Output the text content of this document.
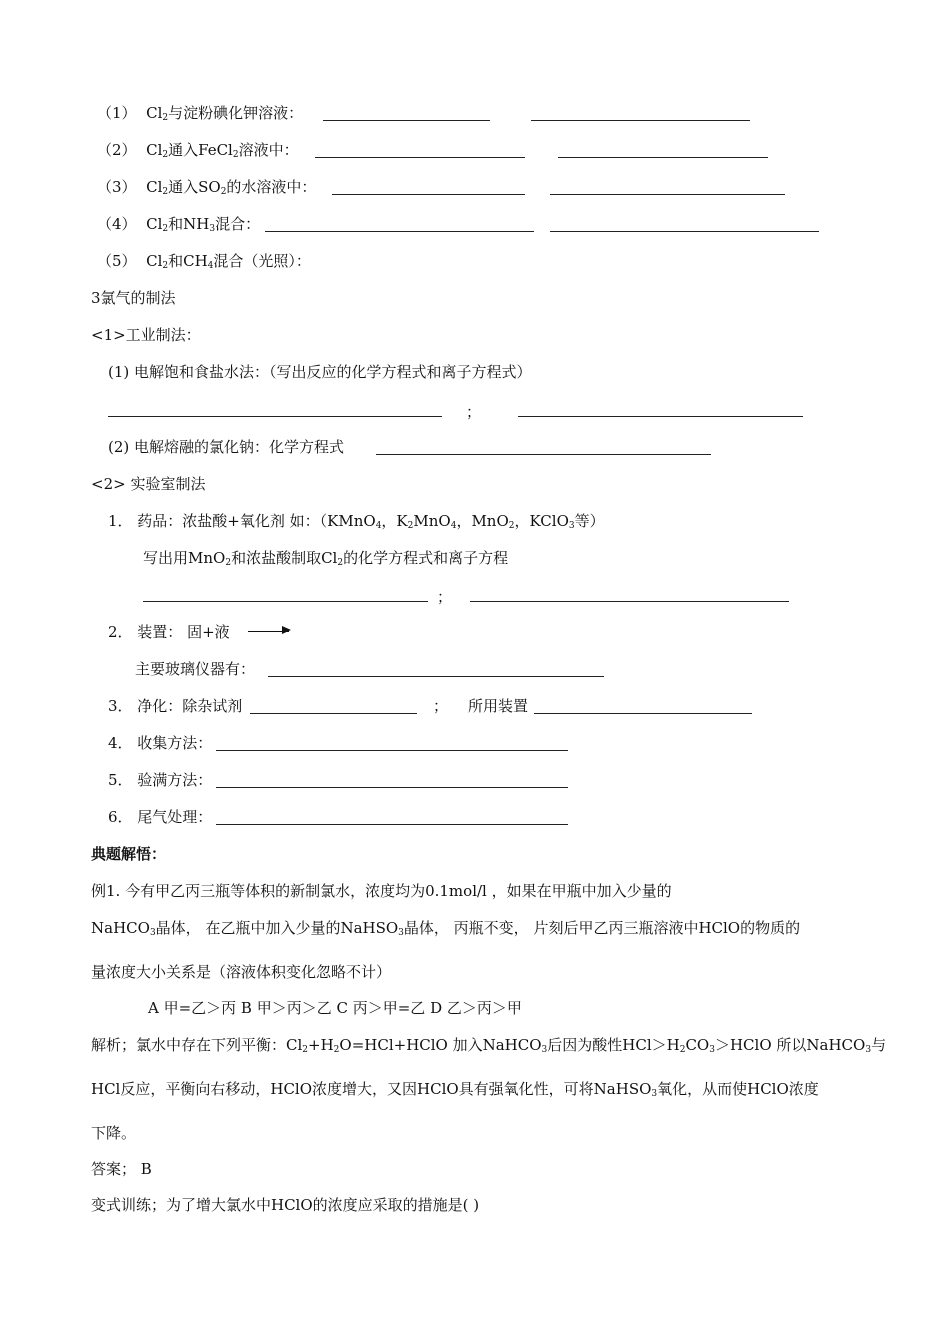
（1） $Cl_2$与淀粉碘化钾溶液：
（2） $Cl_2$通入FeCl$_2$溶液中：
（3） $Cl_2$通入$SO_2$的水溶液中：
（4） $Cl_2$和$NH_3$混合：
（5） $Cl_2$和$CH_4$混合（光照）：
3氯气的制法
<1>工业制法：
(1) 电解饱和食盐水法：（写出反应的化学方程式和离子方程式）
；
(2) 电解熔融的氯化钠：化学方程式
<2> 实验室制法
1． 药品：浓盐酸+氧化剂 如：（KMnO$_4$，$K_2MnO_4$，MnO$_2$，KClO$_3$等）
写出用MnO$_2$和浓盐酸制取$Cl_2$的化学方程式和离子方程
；
2． 装置： 固+液
主要玻璃仪器有：
3． 净化：除杂试剂	； 所用装置
4． 收集方法：
5． 验满方法：
6． 尾气处理：
典题解悟：
例1. 今有甲乙丙三瓶等体积的新制氯水，浓度均为0.1mol/l ，如果在甲瓶中加入少量的
NaHCO$_3$晶体， 在乙瓶中加入少量的NaHSO$_3$晶体， 丙瓶不变， 片刻后甲乙丙三瓶溶液中HClO的物质的
量浓度大小关系是（溶液体积变化忽略不计）
A 甲=乙＞丙 B 甲＞丙＞乙 C 丙＞甲=乙 D 乙＞丙＞甲
解析；氯水中存在下列平衡：$Cl_2+H_2O=HCl+HClO$ 加入NaHCO$_3$后因为酸性$HCl>H_2CO_3>HClO$ 所以NaHCO$_3$与
HCl反应，平衡向右移动，HClO浓度增大，又因HClO具有强氧化性，可将NaHSO$_3$氧化，从而使HClO浓度
下降。
答案； B
变式训练；为了增大氯水中HClO的浓度应采取的措施是( )
